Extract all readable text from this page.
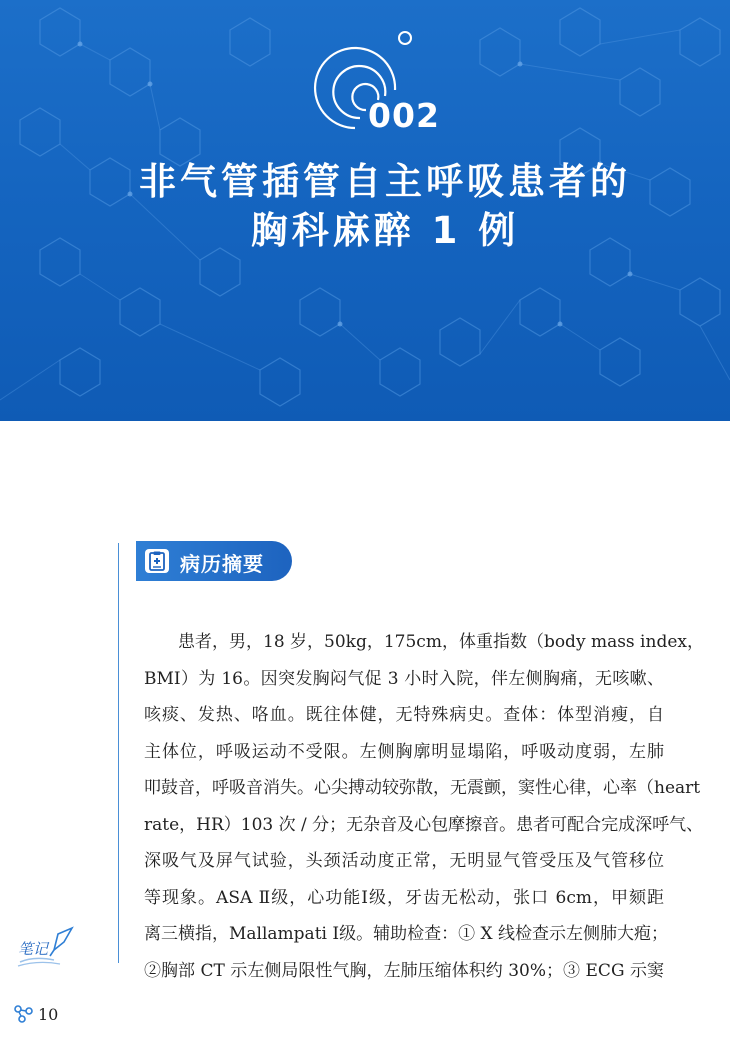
002
非气管插管自主呼吸患者的
胸科麻醉 1 例
病历摘要
患者，男，18 岁，50kg，175cm，体重指数（body mass index，
BMI）为 16。因突发胸闷气促 3 小时入院，伴左侧胸痛，无咳嗽、
咳痰、发热、咯血。既往体健，无特殊病史。查体：体型消瘦，自
主体位，呼吸运动不受限。左侧胸廓明显塌陷，呼吸动度弱，左肺
叩鼓音，呼吸音消失。心尖搏动较弥散，无震颤，窦性心律，心率（heart
rate，HR）103 次 / 分；无杂音及心包摩擦音。患者可配合完成深呼气、
深吸气及屏气试验，头颈活动度正常，无明显气管受压及气管移位
等现象。ASA Ⅱ级，心功能Ⅰ级，牙齿无松动，张口 6cm，甲颏距
离三横指，Mallampati Ⅰ级。辅助检查：① X 线检查示左侧肺大疱；
②胸部 CT 示左侧局限性气胸，左肺压缩体积约 30%；③ ECG 示窦
笔记
10
